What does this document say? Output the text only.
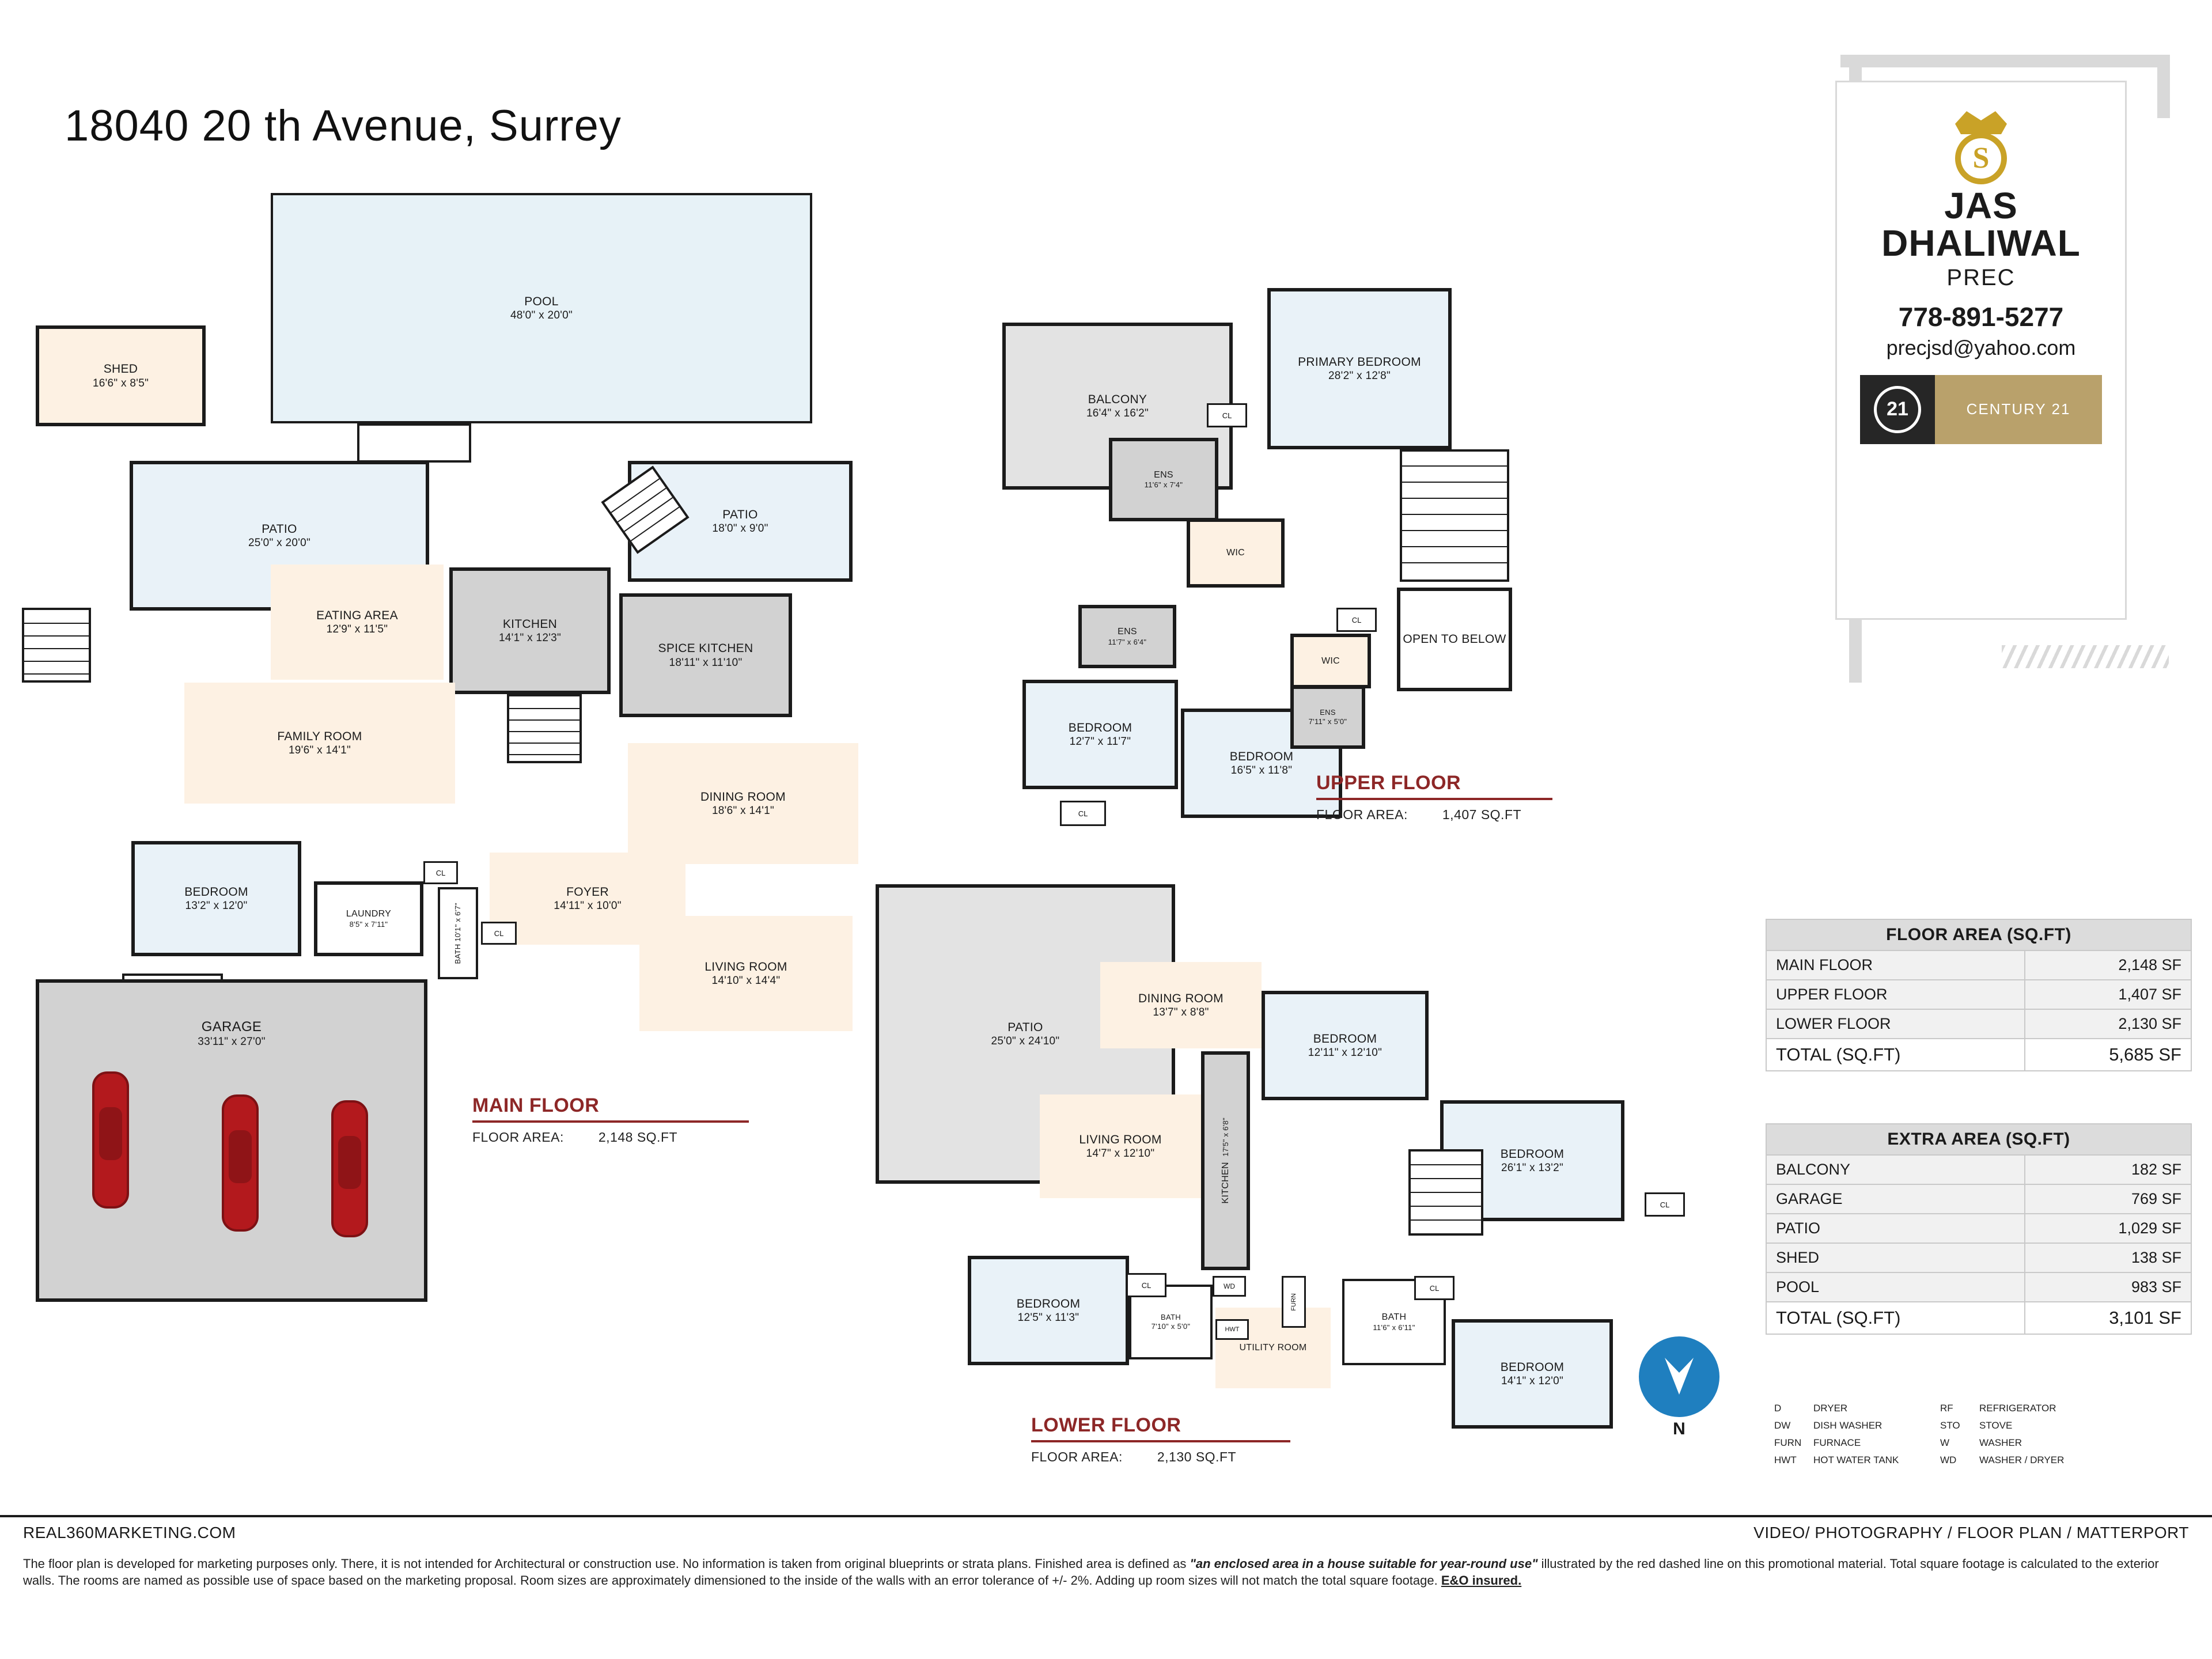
18040 20 th Avenue, Surrey
SHED
16'6" x 8'5"
POOL
48'0" x 20'0"
PATIO
25'0" x 20'0"
PATIO
18'0" x 9'0"
EATING AREA
12'9" x 11'5"	KITCHEN
14'1" x 12'3"
SPICE KITCHEN
18'11" x 11'10"
FAMILY ROOM
19'6" x 14'1"
DINING ROOM
18'6" x 14'1"
FOYER
14'11" x 10'0"
LIVING ROOM
14'10" x 14'4"
BEDROOM
13'2" x 12'0"
LAUNDRY
8'5" x 7'11"
BATH 10'1" x 6'7"
GARAGE
33'11" x 27'0"
CL
CL
MAIN FLOOR
FLOOR AREA:	2,148 SQ.FT
BALCONY
16'4" x 16'2"
PRIMARY BEDROOM
28'2" x 12'8"
ENS
11'6" x 7'4"
WIC
CL
CL
CL
ENS
11'7" x 6'4"
BEDROOM
12'7" x 11'7"
BEDROOM
16'5" x 11'8"
WIC
ENS
7'11" x 5'0"
OPEN TO BELOW
UPPER FLOOR
FLOOR AREA:	1,407 SQ.FT
PATIO
25'0" x 24'10"
DINING ROOM
13'7" x 8'8"
BEDROOM
12'11" x 12'10"
BEDROOM
26'1" x 13'2"
LIVING ROOM
14'7" x 12'10"
KITCHEN  17'5" x 6'8"
BEDROOM
12'5" x 11'3"	BATH
7'10" x 5'0"
UTILITY ROOM
BATH
11'6" x 6'11"
BEDROOM
14'1" x 12'0"
CL	CL
CL
WD
HWT
FURN
LOWER FLOOR
FLOOR AREA:	2,130 SQ.FT
S
JAS
DHALIWAL
PREC
778-891-5277
precjsd@yahoo.com
21	CENTURY 21
FLOOR AREA (SQ.FT)	
MAIN FLOOR	2,148 SF
UPPER FLOOR	1,407 SF
LOWER FLOOR	2,130 SF
TOTAL (SQ.FT)	5,685 SF
EXTRA AREA (SQ.FT)	
BALCONY	182 SF
GARAGE	769 SF
PATIO	1,029 SF
SHED	138 SF
POOL	983 SF
TOTAL (SQ.FT)	3,101 SF
D	DRYER	RF	REFRIGERATOR
DW	DISH WASHER	STO	STOVE
FURN	FURNACE	W	WASHER
HWT	HOT WATER TANK	WD	WASHER / DRYER
N
REAL360MARKETING.COM	VIDEO/ PHOTOGRAPHY / FLOOR PLAN / MATTERPORT
The floor plan is developed for marketing purposes only. There, it is not intended for Architectural or construction use. No information is taken from original blueprints or strata plans. Finished area is defined as "an enclosed area in a house suitable for year-round use" illustrated by the red dashed line on this promotional material. Total square footage is calculated to the exterior walls. The rooms are named as possible use of space based on the marketing proposal. Room sizes are approximately dimensioned to the inside of the walls with an error tolerance of +/- 2%. Adding up room sizes will not match the total square footage. E&O insured.
